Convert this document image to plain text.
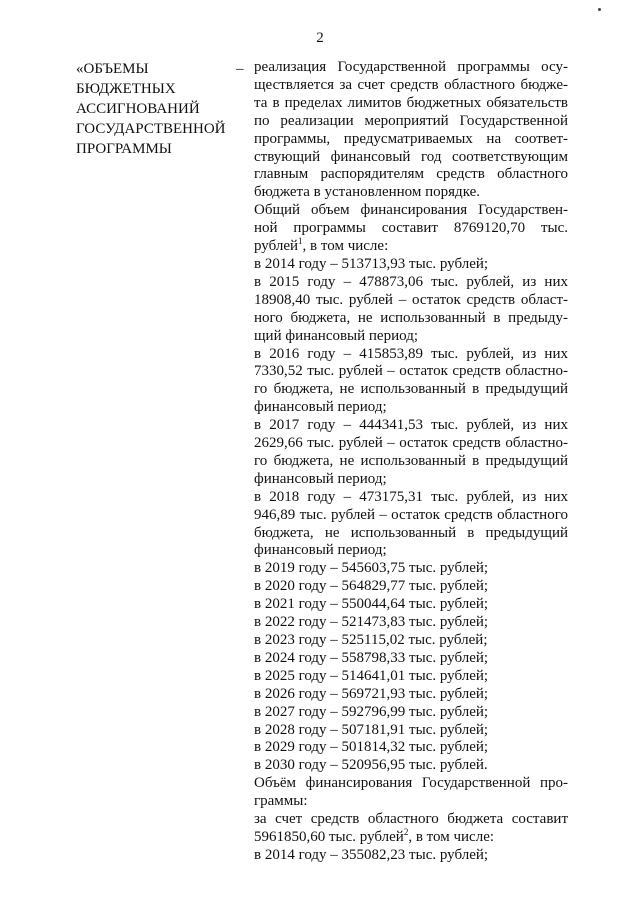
2
«ОБЪЕМЫ
БЮДЖЕТНЫХ
АССИГНОВАНИЙ
ГОСУДАРСТВЕННОЙ
ПРОГРАММЫ
– реализация Государственной программы осу-
ществляется за счет средств областного бюдже-
та в пределах лимитов бюджетных обязательств
по реализации мероприятий Государственной
программы, предусматриваемых на соответ-
ствующий финансовый год соответствующим
главным распорядителям средств областного
бюджета в установленном порядке.
Общий объем финансирования Государствен-
ной программы составит 8769120,70 тыс.
рублей$^1$, в том числе:
в 2014 году – 513713,93 тыс. рублей;
в 2015 году – 478873,06 тыс. рублей, из них
18908,40 тыс. рублей – остаток средств област-
ного бюджета, не использованный в предыду-
щий финансовый период;
в 2016 году – 415853,89 тыс. рублей, из них
7330,52 тыс. рублей – остаток средств областно-
го бюджета, не использованный в предыдущий
финансовый период;
в 2017 году – 444341,53 тыс. рублей, из них
2629,66 тыс. рублей – остаток средств областно-
го бюджета, не использованный в предыдущий
финансовый период;
в 2018 году – 473175,31 тыс. рублей, из них
946,89 тыс. рублей – остаток средств областного
бюджета, не использованный в предыдущий
финансовый период;
в 2019 году – 545603,75 тыс. рублей;
в 2020 году – 564829,77 тыс. рублей;
в 2021 году – 550044,64 тыс. рублей;
в 2022 году – 521473,83 тыс. рублей;
в 2023 году – 525115,02 тыс. рублей;
в 2024 году – 558798,33 тыс. рублей;
в 2025 году – 514641,01 тыс. рублей;
в 2026 году – 569721,93 тыс. рублей;
в 2027 году – 592796,99 тыс. рублей;
в 2028 году – 507181,91 тыс. рублей;
в 2029 году – 501814,32 тыс. рублей;
в 2030 году – 520956,95 тыс. рублей.
Объём финансирования Государственной про-
граммы:
за счет средств областного бюджета составит
5961850,60 тыс. рублей$^2$, в том числе:
в 2014 году – 355082,23 тыс. рублей;
